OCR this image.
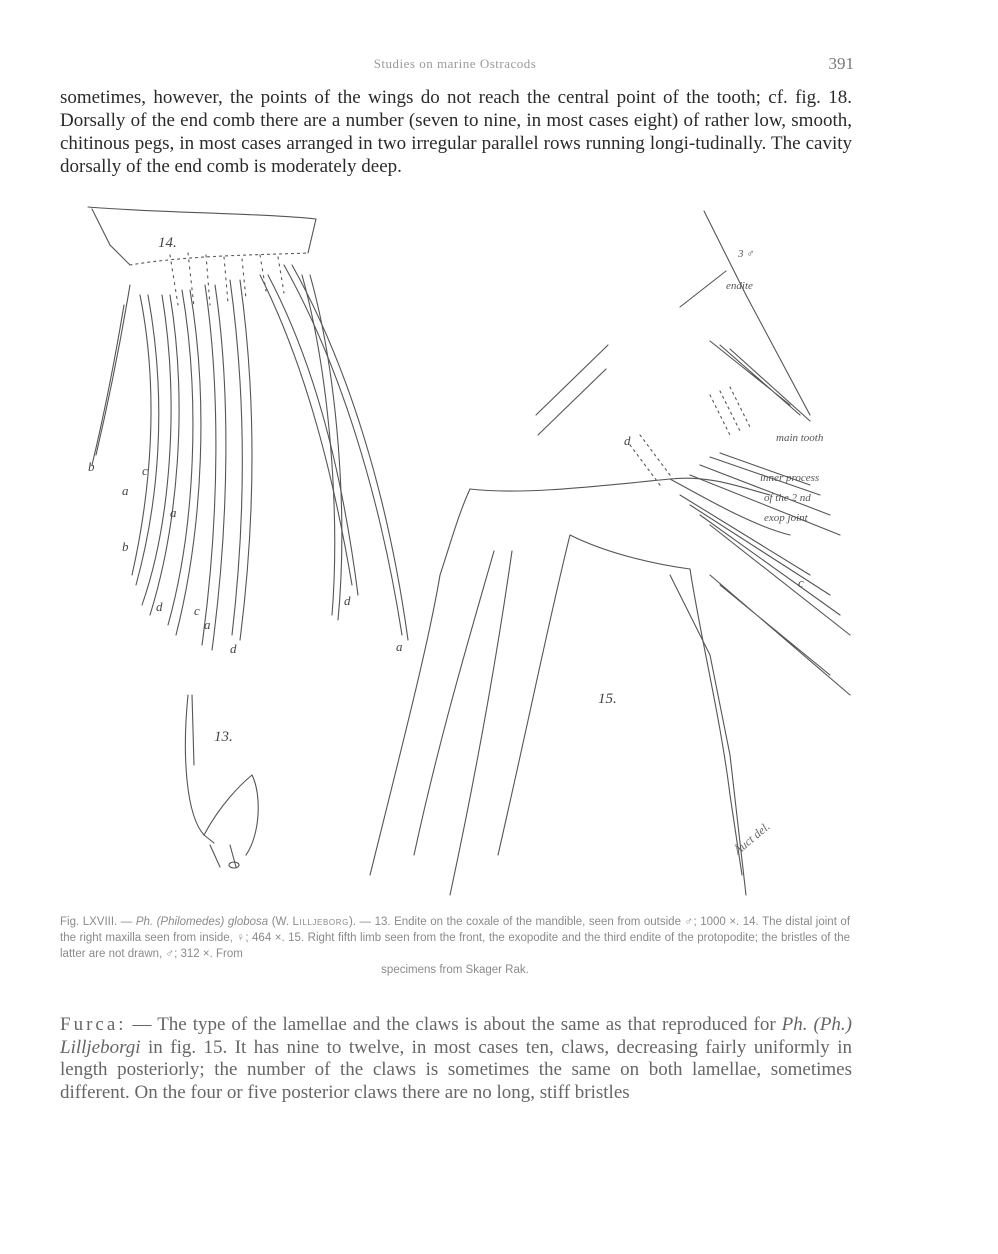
Studies on marine Ostracods	391

sometimes, however, the points of the wings do not reach the central point of the tooth; cf. fig. 18. Dorsally of the end comb there are a number (seven to nine, in most cases eight) of rather low, smooth, chitinous pegs, in most cases arranged in two irregular parallel rows running longi-tudinally. The cavity dorsally of the end comb is moderately deep.

14.
b
a
c
a
b
d c
a
d
d	a
13.
15.
3 ♂
endite
main tooth
inner process
of the 2 nd
exop joint
d
c
Åuct del.

Fig. LXVIII. — Ph. (Philomedes) globosa (W. Lilljeborg). — 13. Endite on the coxale of the mandible, seen from outside ♂; 1000 ×. 14. The distal joint of the right maxilla seen from inside, ♀; 464 ×. 15. Right fifth limb seen from the front, the exopodite and the third endite of the protopodite; the bristles of the latter are not drawn, ♂; 312 ×. From
specimens from Skager Rak.

Furca: — The type of the lamellae and the claws is about the same as that reproduced for Ph. (Ph.) Lilljeborgi in fig. 15. It has nine to twelve, in most cases ten, claws, decreasing fairly uniformly in length posteriorly; the number of the claws is sometimes the same on both lamellae, sometimes different. On the four or five posterior claws there are no long, stiff bristles
